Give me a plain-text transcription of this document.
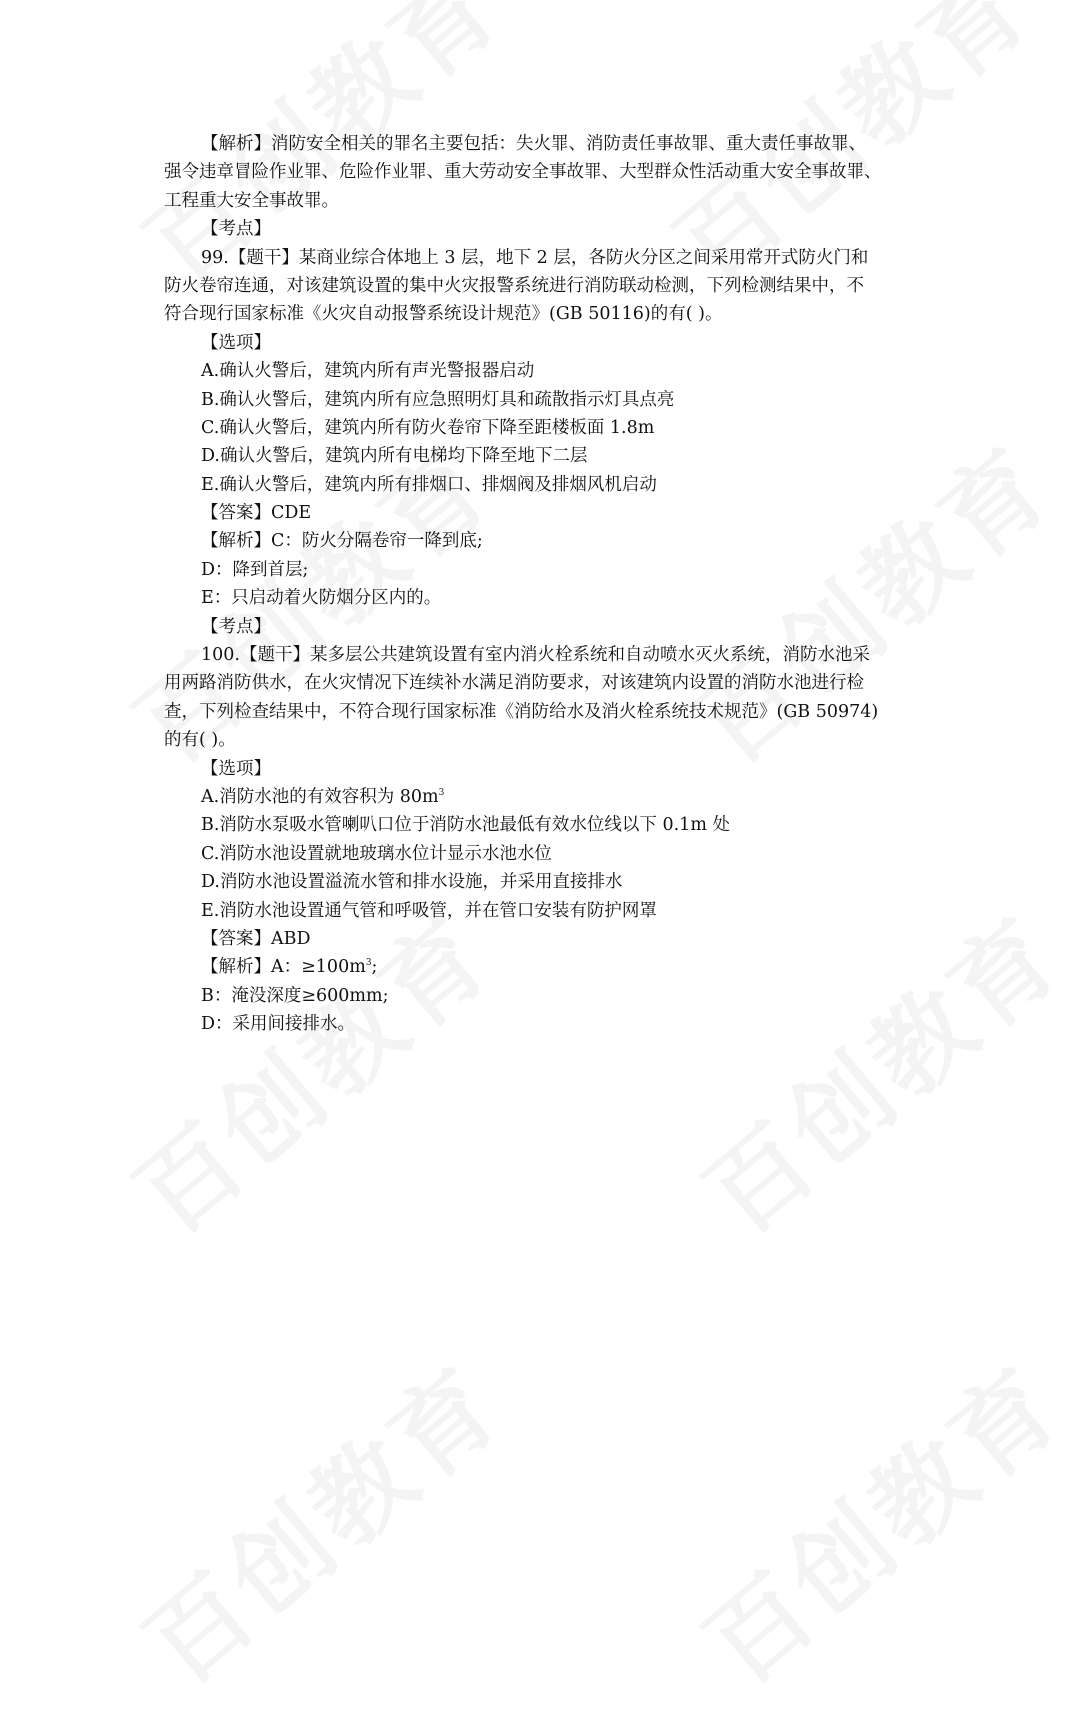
【解析】消防安全相关的罪名主要包括：失火罪、消防责任事故罪、重大责任事故罪、
强令违章冒险作业罪、危险作业罪、重大劳动安全事故罪、大型群众性活动重大安全事故罪、
工程重大安全事故罪。
【考点】
99.【题干】某商业综合体地上 3 层，地下 2 层，各防火分区之间采用常开式防火门和
防火卷帘连通，对该建筑设置的集中火灾报警系统进行消防联动检测，下列检测结果中，不
符合现行国家标准《火灾自动报警系统设计规范》(GB 50116)的有( )。
【选项】
A.确认火警后，建筑内所有声光警报器启动
B.确认火警后，建筑内所有应急照明灯具和疏散指示灯具点亮
C.确认火警后，建筑内所有防火卷帘下降至距楼板面 1.8m
D.确认火警后，建筑内所有电梯均下降至地下二层
E.确认火警后，建筑内所有排烟口、排烟阀及排烟风机启动
【答案】CDE
【解析】C：防火分隔卷帘一降到底;
D：降到首层;
E：只启动着火防烟分区内的。
【考点】
100.【题干】某多层公共建筑设置有室内消火栓系统和自动喷水灭火系统，消防水池采
用两路消防供水，在火灾情况下连续补水满足消防要求，对该建筑内设置的消防水池进行检
查，下列检查结果中，不符合现行国家标准《消防给水及消火栓系统技术规范》(GB 50974)
的有( )。
【选项】
A.消防水池的有效容积为 $80m^3$
B.消防水泵吸水管喇叭口位于消防水池最低有效水位线以下 0.1m 处
C.消防水池设置就地玻璃水位计显示水池水位
D.消防水池设置溢流水管和排水设施，并采用直接排水
E.消防水池设置通气管和呼吸管，并在管口安装有防护网罩
【答案】ABD
【解析】A：$\ge 100m^3$;
B：淹没深度≥600mm;
D：采用间接排水。
